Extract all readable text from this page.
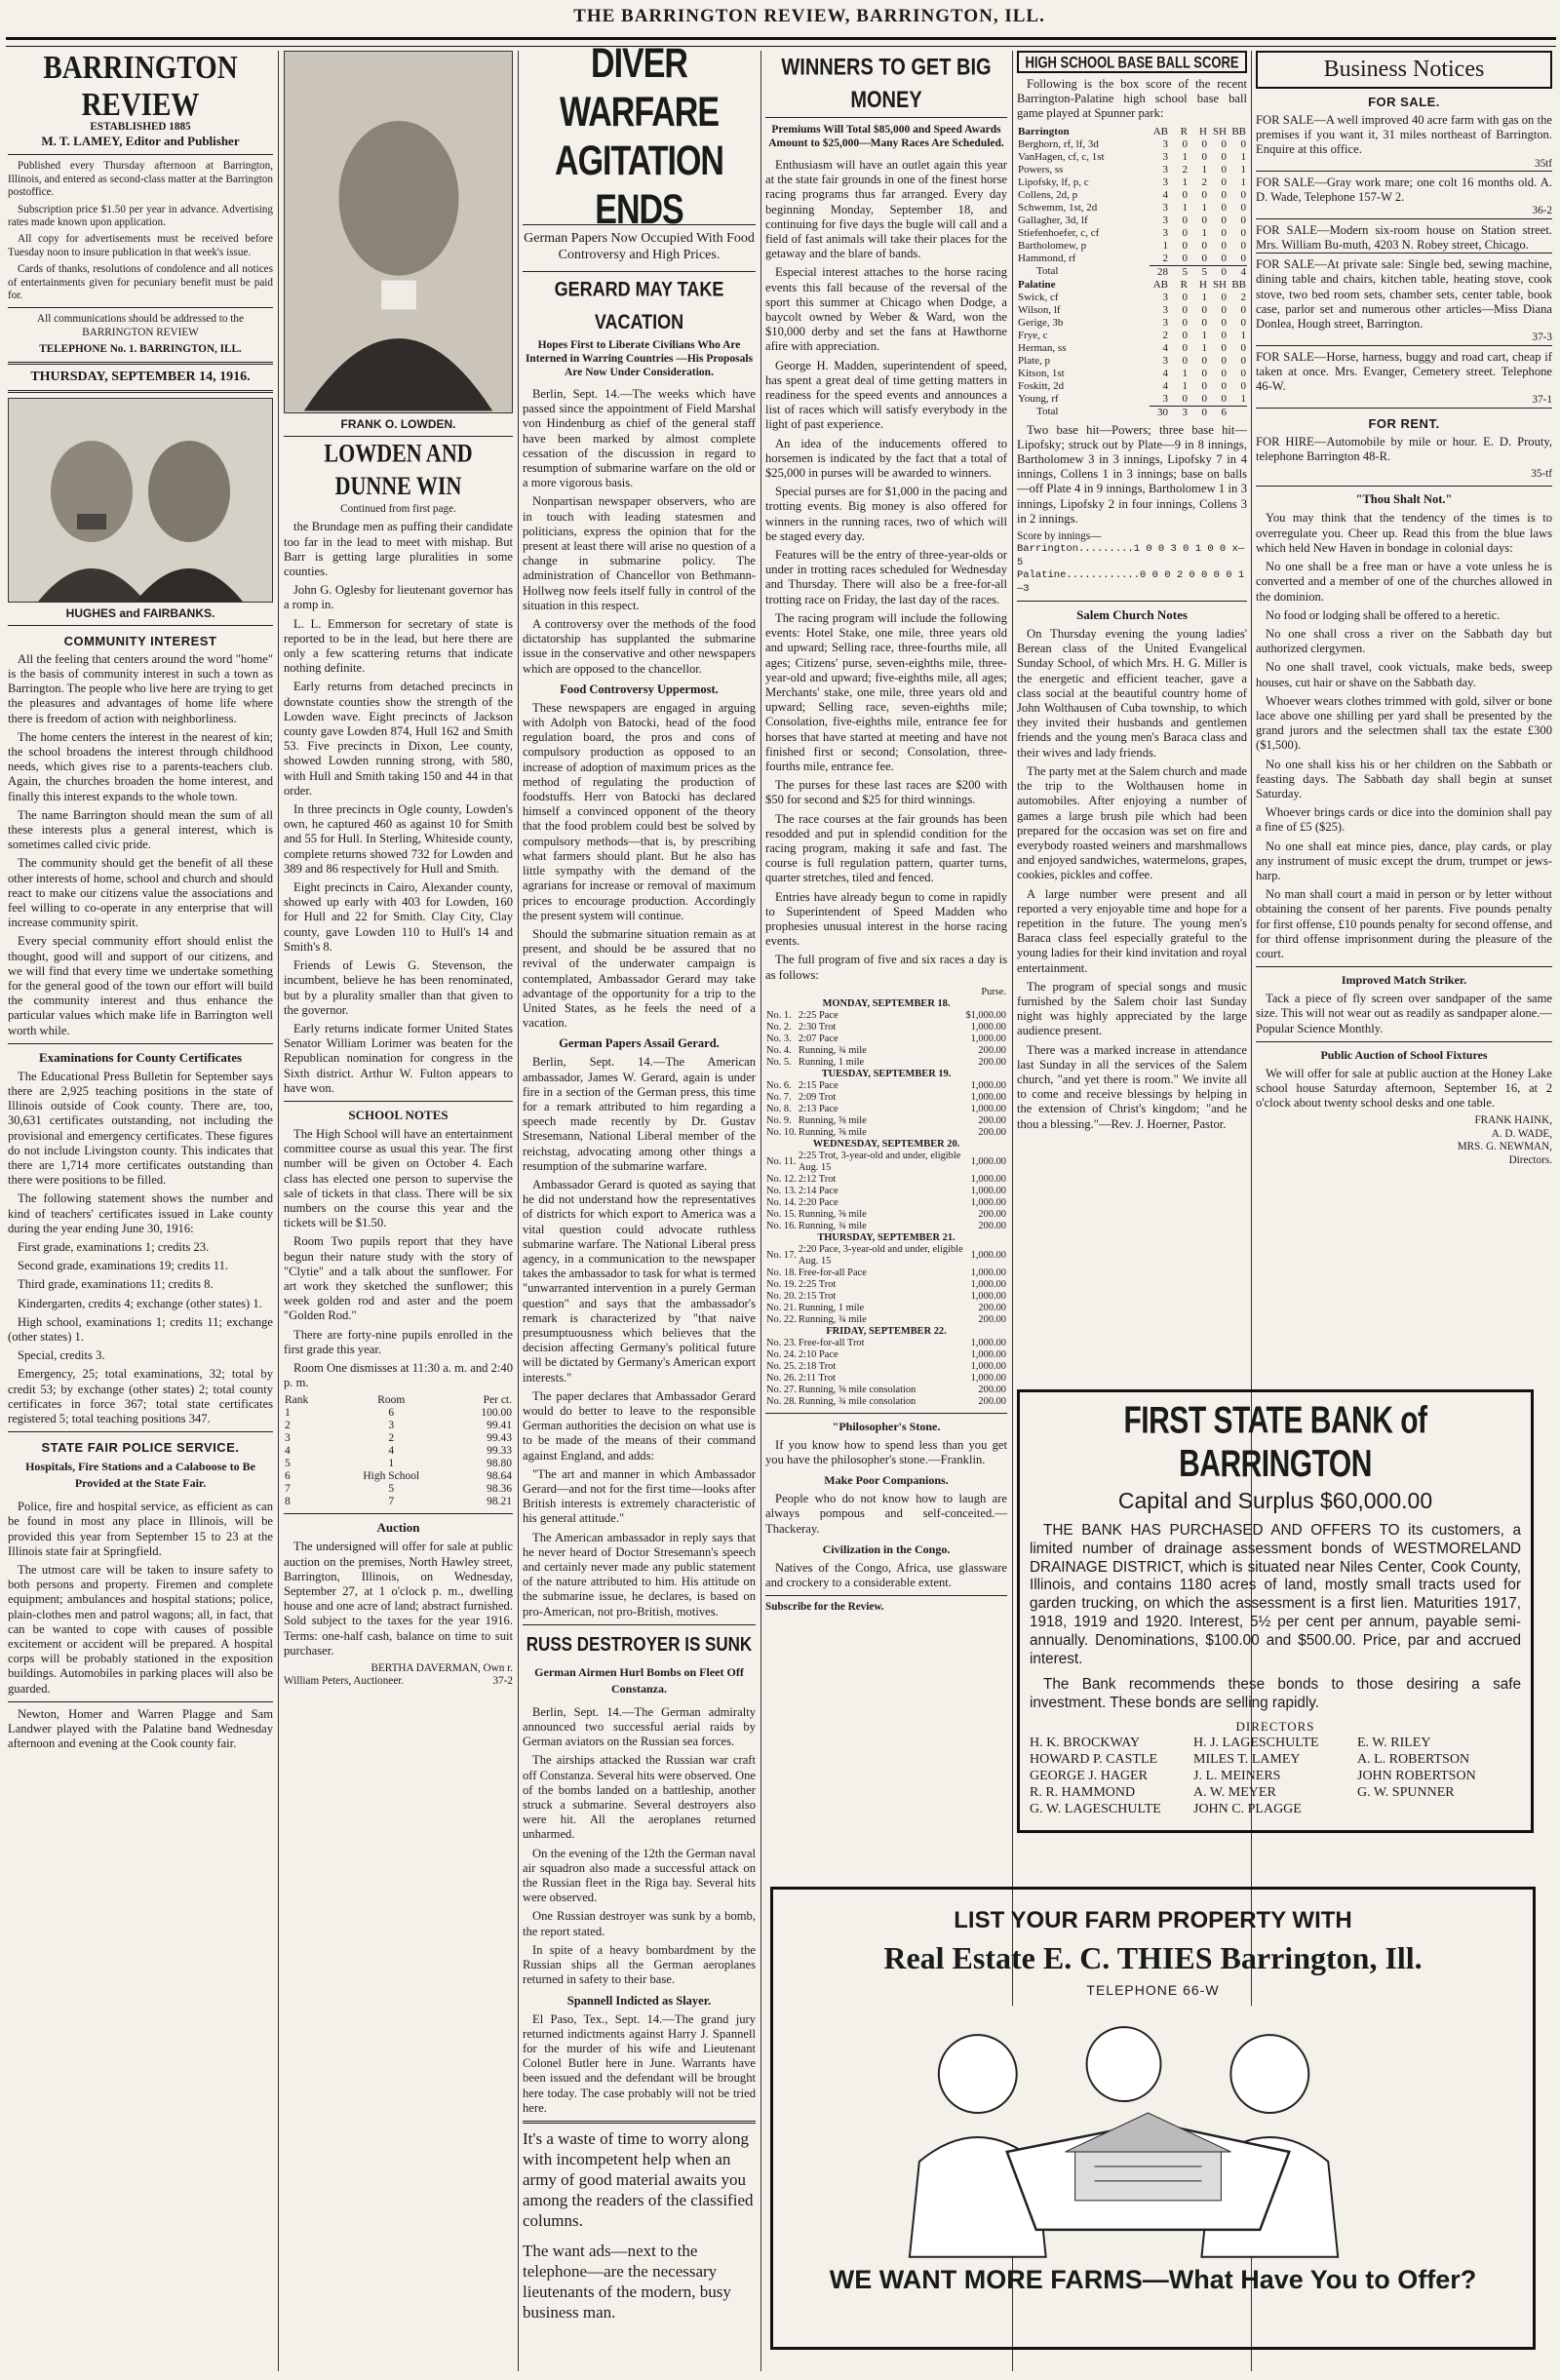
THE BARRINGTON REVIEW, BARRINGTON, ILL.
BARRINGTON REVIEW
ESTABLISHED 1885
M. T. LAMEY, Editor and Publisher

Published every Thursday afternoon at Barrington, Illinois, and entered as second-class matter at the Barrington postoffice.

Subscription price $1.50 per year in advance. Advertising rates made known upon application.

All copy for advertisements must be received before Tuesday noon to insure publication in that week's issue.

Cards of thanks, resolutions of condolence and all notices of entertainments given for pecuniary benefit must be paid for.

All communications should be addressed to the BARRINGTON REVIEW

TELEPHONE No. 1. BARRINGTON, ILL.
THURSDAY, SEPTEMBER 14, 1916.
HUGHES and FAIRBANKS.
COMMUNITY INTEREST

All the feeling that centers around the word "home" is the basis of community interest in such a town as Barrington. The people who live here are trying to get the pleasures and advantages of home life where there is freedom of action with neighborliness.

The home centers the interest in the nearest of kin; the school broadens the interest through childhood needs, which gives rise to a parents-teachers club. Again, the churches broaden the home interest, and finally this interest expands to the whole town.

The name Barrington should mean the sum of all these interests plus a general interest, which is sometimes called civic pride.

The community should get the benefit of all these other interests of home, school and church and should react to make our citizens value the associations and feel willing to co-operate in any enterprise that will increase community spirit.

Every special community effort should enlist the thought, good will and support of our citizens, and we will find that every time we undertake something for the general good of the town our effort will build the community interest and thus enhance the particular values which make life in Barrington well worth while.

Examinations for County Certificates

The Educational Press Bulletin for September says there are 2,925 teaching positions in the state of Illinois outside of Cook county. There are, too, 30,631 certificates outstanding, not including the provisional and emergency certificates. These figures do not include Livingston county. This indicates that there are 1,714 more certificates outstanding than there were positions to be filled.

The following statement shows the number and kind of teachers' certificates issued in Lake county during the year ending June 30, 1916:

First grade, examinations 1; credits 23.

Second grade, examinations 19; credits 11.

Third grade, examinations 11; credits 8.

Kindergarten, credits 4; exchange (other states) 1.

High school, examinations 1; credits 11; exchange (other states) 1.

Special, credits 3.

Emergency, 25; total examinations, 32; total by credit 53; by exchange (other states) 2; total county certificates in force 367; total state certificates registered 5; total teaching positions 347.

STATE FAIR POLICE SERVICE.
Hospitals, Fire Stations and a Calaboose to Be Provided at the State Fair.

Police, fire and hospital service, as efficient as can be found in most any place in Illinois, will be provided this year from September 15 to 23 at the Illinois state fair at Springfield.

The utmost care will be taken to insure safety to both persons and property. Firemen and complete equipment; ambulances and hospital stations; police, plain-clothes men and patrol wagons; all, in fact, that can be wanted to cope with causes of possible excitement or accident will be prepared. A hospital corps will be probably stationed in the exposition buildings. Automobiles in parking places will also be guarded.

Newton, Homer and Warren Plagge and Sam Landwer played with the Palatine band Wednesday afternoon and evening at the Cook county fair.

FRANK O. LOWDEN.
LOWDEN AND DUNNE WIN
Continued from first page.

the Brundage men as puffing their candidate too far in the lead to meet with mishap. But Barr is getting large pluralities in some counties.

John G. Oglesby for lieutenant governor has a romp in.

L. L. Emmerson for secretary of state is reported to be in the lead, but here there are only a few scattering returns that indicate nothing definite.

Early returns from detached precincts in downstate counties show the strength of the Lowden wave. Eight precincts of Jackson county gave Lowden 874, Hull 162 and Smith 53. Five precincts in Dixon, Lee county, showed Lowden running strong, with 580, with Hull and Smith taking 150 and 44 in that order.

In three precincts in Ogle county, Lowden's own, he captured 460 as against 10 for Smith and 55 for Hull. In Sterling, Whiteside county, complete returns showed 732 for Lowden and 389 and 86 respectively for Hull and Smith.

Eight precincts in Cairo, Alexander county, showed up early with 403 for Lowden, 160 for Hull and 22 for Smith. Clay City, Clay county, gave Lowden 110 to Hull's 14 and Smith's 8.

Friends of Lewis G. Stevenson, the incumbent, believe he has been renominated, but by a plurality smaller than that given to the governor.

Early returns indicate former United States Senator William Lorimer was beaten for the Republican nomination for congress in the Sixth district. Arthur W. Fulton appears to have won.

SCHOOL NOTES

The High School will have an entertainment committee course as usual this year. The first number will be given on October 4. Each class has elected one person to supervise the sale of tickets in that class. There will be six numbers on the course this year and the tickets will be $1.50.

Room Two pupils report that they have begun their nature study with the story of "Clytie" and a talk about the sunflower. For art work they sketched the sunflower; this week golden rod and aster and the poem "Golden Rod."

There are forty-nine pupils enrolled in the first grade this year.

Room One dismisses at 11:30 a. m. and 2:40 p. m.

Rank	Room	Per ct.
1	6	100.00
2	3	99.41
3	2	99.43
4	4	99.33
5	1	98.80
6	High School	98.64
7	5	98.36
8	7	98.21
Auction

The undersigned will offer for sale at public auction on the premises, North Hawley street, Barrington, Illinois, on Wednesday, September 27, at 1 o'clock p. m., dwelling house and one acre of land; abstract furnished. Sold subject to the taxes for the year 1916. Terms: one-half cash, balance on time to suit purchaser.

BERTHA DAVERMAN, Own r.
William Peters, Auctioneer.	37-2
DIVER WARFARE AGITATION ENDS
German Papers Now Occupied With Food Controversy and High Prices.
GERARD MAY TAKE VACATION
Hopes First to Liberate Civilians Who Are Interned in Warring Countries —His Proposals Are Now Under Consideration.

Berlin, Sept. 14.—The weeks which have passed since the appointment of Field Marshal von Hindenburg as chief of the general staff have been marked by almost complete cessation of the discussion in regard to resumption of submarine warfare on the old or a more vigorous basis.

Nonpartisan newspaper observers, who are in touch with leading statesmen and politicians, express the opinion that for the present at least there will arise no question of a change in submarine policy. The administration of Chancellor von Bethmann-Hollweg now feels itself fully in control of the situation in this respect.

A controversy over the methods of the food dictatorship has supplanted the submarine issue in the conservative and other newspapers which are opposed to the chancellor.

Food Controversy Uppermost.

These newspapers are engaged in arguing with Adolph von Batocki, head of the food regulation board, the pros and cons of compulsory production as opposed to an increase of adoption of maximum prices as the method of regulating the production of foodstuffs. Herr von Batocki has declared himself a convinced opponent of the theory that the food problem could best be solved by compulsory methods—that is, by prescribing what farmers should plant. But he also has little sympathy with the demand of the agrarians for increase or removal of maximum prices to encourage production. Accordingly the present system will continue.

Should the submarine situation remain as at present, and should be be assured that no revival of the underwater campaign is contemplated, Ambassador Gerard may take advantage of the opportunity for a trip to the United States, as he feels the need of a vacation.

German Papers Assail Gerard.

Berlin, Sept. 14.—The American ambassador, James W. Gerard, again is under fire in a section of the German press, this time for a remark attributed to him regarding a speech made recently by Dr. Gustav Stresemann, National Liberal member of the reichstag, advocating among other things a resumption of the submarine warfare.

Ambassador Gerard is quoted as saying that he did not understand how the representatives of districts for which export to America was a vital question could advocate ruthless submarine warfare. The National Liberal press agency, in a communication to the newspaper takes the ambassador to task for what is termed "unwarranted intervention in a purely German question" and says that the ambassador's remark is characterized by "that naive presumptuousness which believes that the decision affecting Germany's political future will be dictated by Germany's American export interests."

The paper declares that Ambassador Gerard would do better to leave to the responsible German authorities the decision on what use is to be made of the means of their command against England, and adds:

"The art and manner in which Ambassador Gerard—and not for the first time—looks after British interests is extremely characteristic of his general attitude."

The American ambassador in reply says that he never heard of Doctor Stresemann's speech and certainly never made any public statement of the nature attributed to him. His attitude on the submarine issue, he declares, is based on pro-American, not pro-British, motives.

RUSS DESTROYER IS SUNK
German Airmen Hurl Bombs on Fleet Off Constanza.

Berlin, Sept. 14.—The German admiralty announced two successful aerial raids by German aviators on the Russian sea forces.

The airships attacked the Russian war craft off Constanza. Several hits were observed. One of the bombs landed on a battleship, another struck a submarine. Several destroyers also were hit. All the aeroplanes returned unharmed.

On the evening of the 12th the German naval air squadron also made a successful attack on the Russian fleet in the Riga bay. Several hits were observed.

One Russian destroyer was sunk by a bomb, the report stated.

In spite of a heavy bombardment by the Russian ships all the German aeroplanes returned in safety to their base.

Spannell Indicted as Slayer.

El Paso, Tex., Sept. 14.—The grand jury returned indictments against Harry J. Spannell for the murder of his wife and Lieutenant Colonel Butler here in June. Warrants have been issued and the defendant will be brought here today. The case probably will not be tried here.

It's a waste of time to worry along with incompetent help when an army of good material awaits you among the readers of the classified columns.

The want ads—next to the telephone—are the necessary lieutenants of the modern, busy business man.

WINNERS TO GET BIG MONEY
Premiums Will Total $85,000 and Speed Awards Amount to $25,000—Many Races Are Scheduled.

Enthusiasm will have an outlet again this year at the state fair grounds in one of the finest horse racing programs thus far arranged. Every day beginning Monday, September 18, and continuing for five days the bugle will call and a field of fast animals will take their places for the getaway and the blare of bands.

Especial interest attaches to the horse racing events this fall because of the reversal of the sport this summer at Chicago when Dodge, a baycolt owned by Weber & Ward, won the $10,000 derby and set the fans at Hawthorne afire with appreciation.

George H. Madden, superintendent of speed, has spent a great deal of time getting matters in readiness for the speed events and announces a list of races which will satisfy everybody in the light of past experience.

An idea of the inducements offered to horsemen is indicated by the fact that a total of $25,000 in purses will be awarded to winners.

Special purses are for $1,000 in the pacing and trotting events. Big money is also offered for winners in the running races, two of which will be staged every day.

Features will be the entry of three-year-olds or under in trotting races scheduled for Wednesday and Thursday. There will also be a free-for-all trotting race on Friday, the last day of the races.

The racing program will include the following events: Hotel Stake, one mile, three years old and upward; Selling race, three-fourths mile, all ages; Citizens' purse, seven-eighths mile, three-year-old and upward; five-eighths mile, all ages; Merchants' stake, one mile, three years old and upward; Selling race, seven-eighths mile; Consolation, five-eighths mile, entrance fee for horses that have started at meeting and have not finished first or second; Consolation, three-fourths mile, entrance fee.

The purses for these last races are $200 with $50 for second and $25 for third winnings.

The race courses at the fair grounds has been resodded and put in splendid condition for the racing program, making it safe and fast. The course is full regulation pattern, quarter turns, quarter stretches, tiled and fenced.

Entries have already begun to come in rapidly to Superintendent of Speed Madden who prophesies unusual interest in the horse racing events.

The full program of five and six races a day is as follows:

		Purse.
MONDAY, SEPTEMBER 18.		
No. 1.	2:25 Pace	$1,000.00
No. 2.	2:30 Trot	1,000.00
No. 3.	2:07 Pace	1,000.00
No. 4.	Running, ¾ mile	200.00
No. 5.	Running, 1 mile	200.00
TUESDAY, SEPTEMBER 19.		
No. 6.	2:15 Pace	1,000.00
No. 7.	2:09 Trot	1,000.00
No. 8.	2:13 Pace	1,000.00
No. 9.	Running, ⅝ mile	200.00
No. 10.	Running, ⅝ mile	200.00
WEDNESDAY, SEPTEMBER 20.		
No. 11.	2:25 Trot, 3-year-old and under, eligible Aug. 15	1,000.00
No. 12.	2:12 Trot	1,000.00
No. 13.	2:14 Pace	1,000.00
No. 14.	2:20 Pace	1,000.00
No. 15.	Running, ⅝ mile	200.00
No. 16.	Running, ¾ mile	200.00
THURSDAY, SEPTEMBER 21.		
No. 17.	2:20 Pace, 3-year-old and under, eligible Aug. 15	1,000.00
No. 18.	Free-for-all Pace	1,000.00
No. 19.	2:25 Trot	1,000.00
No. 20.	2:15 Trot	1,000.00
No. 21.	Running, 1 mile	200.00
No. 22.	Running, ¾ mile	200.00
FRIDAY, SEPTEMBER 22.		
No. 23.	Free-for-all Trot	1,000.00
No. 24.	2:10 Pace	1,000.00
No. 25.	2:18 Trot	1,000.00
No. 26.	2:11 Trot	1,000.00
No. 27.	Running, ⅝ mile consolation	200.00
No. 28.	Running, ¾ mile consolation	200.00
"Philosopher's Stone.

If you know how to spend less than you get you have the philosopher's stone.—Franklin.

Make Poor Companions.

People who do not know how to laugh are always pompous and self-conceited.—Thackeray.

Civilization in the Congo.

Natives of the Congo, Africa, use glassware and crockery to a considerable extent.

Subscribe for the Review.
HIGH SCHOOL BASE BALL SCORE

Following is the box score of the recent Barrington-Palatine high school base ball game played at Spunner park:

Barrington	AB	R	H	SH	BB
Berghorn, rf, lf, 3d	3	0	0	0	0
VanHagen, cf, c, 1st	3	1	0	0	1
Powers, ss	3	2	1	0	1
Lipofsky, lf, p, c	3	1	2	0	1
Collens, 2d, p	4	0	0	0	0
Schwemm, 1st, 2d	3	1	1	0	0
Gallagher, 3d, lf	3	0	0	0	0
Stiefenhoefer, c, cf	3	0	1	0	0
Bartholomew, p	1	0	0	0	0
Hammond, rf	2	0	0	0	0
Total	28	5	5	0	4
Palatine	AB	R	H	SH	BB
Swick, cf	3	0	1	0	2
Wilson, lf	3	0	0	0	0
Gerige, 3b	3	0	0	0	0
Frye, c	2	0	1	0	1
Herman, ss	4	0	1	0	0
Plate, p	3	0	0	0	0
Kitson, 1st	4	1	0	0	0
Foskitt, 2d	4	1	0	0	0
Young, rf	3	0	0	0	1
Total	30	3	0	6	

Two base hit—Powers; three base hit—Lipofsky; struck out by Plate—9 in 8 innings, Bartholomew 3 in 3 innings, Lipofsky 7 in 4 innings, Collens 1 in 3 innings; base on balls—off Plate 4 in 9 innings, Bartholomew 1 in 3 innings, Lipofsky 2 in four innings, Collens 3 in 2 innings.

Score by innings—
Barrington.........1 0 0 3 0 1 0 0 x—5
Palatine............0 0 0 2 0 0 0 0 1—3
Salem Church Notes

On Thursday evening the young ladies' Berean class of the United Evangelical Sunday School, of which Mrs. H. G. Miller is the energetic and efficient teacher, gave a class social at the beautiful country home of John Wolthausen of Cuba township, to which they invited their husbands and gentlemen friends and the young men's Baraca class and their wives and lady friends.

The party met at the Salem church and made the trip to the Wolthausen home in automobiles. After enjoying a number of games a large brush pile which had been prepared for the occasion was set on fire and everybody roasted weiners and marshmallows and enjoyed sandwiches, watermelons, grapes, cookies, pickles and coffee.

A large number were present and all reported a very enjoyable time and hope for a repetition in the future. The young men's Baraca class feel especially grateful to the young ladies for their kind invitation and royal entertainment.

The program of special songs and music furnished by the Salem choir last Sunday night was highly appreciated by the large audience present.

There was a marked increase in attendance last Sunday in all the services of the Salem church, "and yet there is room." We invite all to come and receive blessings by helping in the extension of Christ's kingdom; "and he thou a blessing."—Rev. J. Hoerner, Pastor.

Business Notices
FOR SALE.

FOR SALE—A well improved 40 acre farm with gas on the premises if you want it, 31 miles northeast of Barrington. Enquire at this office.

35tf

FOR SALE—Gray work mare; one colt 16 months old. A. D. Wade, Telephone 157-W 2.

36-2

FOR SALE—Modern six-room house on Station street. Mrs. William Bu-muth, 4203 N. Robey street, Chicago.

FOR SALE—At private sale: Single bed, sewing machine, dining table and chairs, kitchen table, heating stove, cook stove, two bed room sets, chamber sets, center table, book case, parlor set and numerous other articles—Miss Diana Donlea, Hough street, Barrington.

37-3

FOR SALE—Horse, harness, buggy and road cart, cheap if taken at once. Mrs. Evanger, Cemetery street. Telephone 46-W.

37-1
FOR RENT.

FOR HIRE—Automobile by mile or hour. E. D. Prouty, telephone Barrington 48-R.

35-tf
"Thou Shalt Not."

You may think that the tendency of the times is to overregulate you. Cheer up. Read this from the blue laws which held New Haven in bondage in colonial days:

No one shall be a free man or have a vote unless he is converted and a member of one of the churches allowed in the dominion.

No food or lodging shall be offered to a heretic.

No one shall cross a river on the Sabbath day but authorized clergymen.

No one shall travel, cook victuals, make beds, sweep houses, cut hair or shave on the Sabbath day.

Whoever wears clothes trimmed with gold, silver or bone lace above one shilling per yard shall be presented by the grand jurors and the selectmen shall tax the estate £300 ($1,500).

No one shall kiss his or her children on the Sabbath or feasting days. The Sabbath day shall begin at sunset Saturday.

Whoever brings cards or dice into the dominion shall pay a fine of £5 ($25).

No one shall eat mince pies, dance, play cards, or play any instrument of music except the drum, trumpet or jews-harp.

No man shall court a maid in person or by letter without obtaining the consent of her parents. Five pounds penalty for first offense, £10 pounds penalty for second offense, and for third offense imprisonment during the pleasure of the court.

Improved Match Striker.

Tack a piece of fly screen over sandpaper of the same size. This will not wear out as readily as sandpaper alone.—Popular Science Monthly.

Public Auction of School Fixtures

We will offer for sale at public auction at the Honey Lake school house Saturday afternoon, September 16, at 2 o'clock about twenty school desks and one table.

FRANK HAINK,
A. D. WADE,
MRS. G. NEWMAN,
Directors.
FIRST STATE BANK of BARRINGTON
Capital and Surplus $60,000.00

THE BANK HAS PURCHASED AND OFFERS TO its customers, a limited number of drainage assessment bonds of WESTMORELAND DRAINAGE DISTRICT, which is situated near Niles Center, Cook County, Illinois, and contains 1180 acres of land, mostly small tracts used for garden trucking, on which the assessment is a first lien. Maturities 1917, 1918, 1919 and 1920. Interest, 5½ per cent per annum, payable semi-annually. Denominations, $100.00 and $500.00. Price, par and accrued interest.

The Bank recommends these bonds to those desiring a safe investment. These bonds are selling rapidly.

DIRECTORS
H. K. BROCKWAY	H. J. LAGESCHULTE	E. W. RILEY
HOWARD P. CASTLE	MILES T. LAMEY	A. L. ROBERTSON
GEORGE J. HAGER	J. L. MEINERS	JOHN ROBERTSON
R. R. HAMMOND	A. W. MEYER	G. W. SPUNNER
G. W. LAGESCHULTE	JOHN C. PLAGGE
LIST YOUR FARM PROPERTY WITH
Real Estate E. C. THIES Barrington, Ill.
TELEPHONE 66-W
WE WANT MORE FARMS—What Have You to Offer?
